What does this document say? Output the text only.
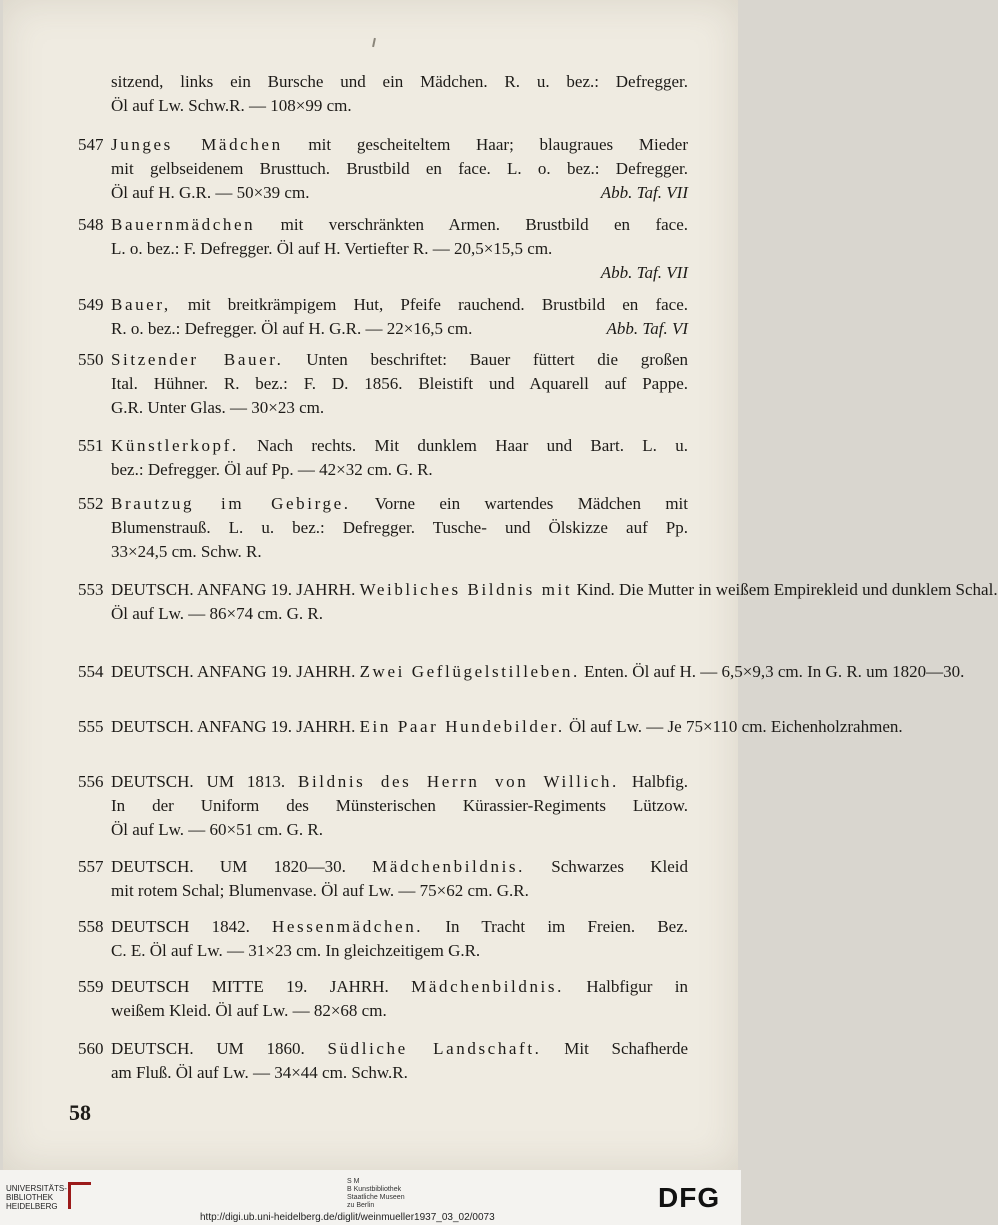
sitzend, links ein Bursche und ein Mädchen. R. u. bez.: Defregger.
Öl auf Lw. Schw.R. — 108×99 cm.
547 Junges Mädchen mit gescheiteltem Haar; blaugraues Mieder
mit gelbseidenem Brusttuch. Brustbild en face. L. o. bez.: Defregger.
Öl auf H. G.R. — 50×39 cm.	Abb. Taf. VII
548 Bauernmädchen mit verschränkten Armen. Brustbild en face.
L. o. bez.: F. Defregger. Öl auf H. Vertiefter R. — 20,5×15,5 cm.
Abb. Taf. VII
549 Bauer, mit breitkrämpigem Hut, Pfeife rauchend. Brustbild en face.
R. o. bez.: Defregger. Öl auf H. G.R. — 22×16,5 cm.	Abb. Taf. VI
550 Sitzender Bauer. Unten beschriftet: Bauer füttert die großen
Ital. Hühner. R. bez.: F. D. 1856. Bleistift und Aquarell auf Pappe.
G.R. Unter Glas. — 30×23 cm.
551 Künstlerkopf. Nach rechts. Mit dunklem Haar und Bart. L. u.
bez.: Defregger. Öl auf Pp. — 42×32 cm. G. R.
552 Brautzug im Gebirge. Vorne ein wartendes Mädchen mit
Blumenstrauß. L. u. bez.: Defregger. Tusche- und Ölskizze auf Pp.
33×24,5 cm. Schw. R.
553 DEUTSCH. ANFANG 19. JAHRH. Weibliches Bildnis mit Kind. Die Mutter in weißem Empirekleid und dunklem Schal.
Öl auf Lw. — 86×74 cm. G. R.
554 DEUTSCH. ANFANG 19. JAHRH. Zwei Geflügelstilleben. Enten. Öl auf H. — 6,5×9,3 cm. In G. R. um 1820—30.
555 DEUTSCH. ANFANG 19. JAHRH. Ein Paar Hundebilder. Öl auf Lw. — Je 75×110 cm. Eichenholzrahmen.
556 DEUTSCH. UM 1813. Bildnis des Herrn von Willich. Halbfig.
In der Uniform des Münsterischen Kürassier-Regiments Lützow.
Öl auf Lw. — 60×51 cm. G. R.
557 DEUTSCH. UM 1820—30. Mädchenbildnis. Schwarzes Kleid
mit rotem Schal; Blumenvase. Öl auf Lw. — 75×62 cm. G.R.
558 DEUTSCH 1842. Hessenmädchen. In Tracht im Freien. Bez.
C. E. Öl auf Lw. — 31×23 cm. In gleichzeitigem G.R.
559 DEUTSCH MITTE 19. JAHRH. Mädchenbildnis. Halbfigur in
weißem Kleid. Öl auf Lw. — 82×68 cm.
560 DEUTSCH. UM 1860. Südliche Landschaft. Mit Schafherde
am Fluß. Öl auf Lw. — 34×44 cm. Schw.R.
58
UNIVERSITÄTS-
BIBLIOTHEK
HEIDELBERG
S M
B Kunstbibliothek
Staatliche Museen
zu Berlin	DFG
http://digi.ub.uni-heidelberg.de/diglit/weinmueller1937_03_02/0073
